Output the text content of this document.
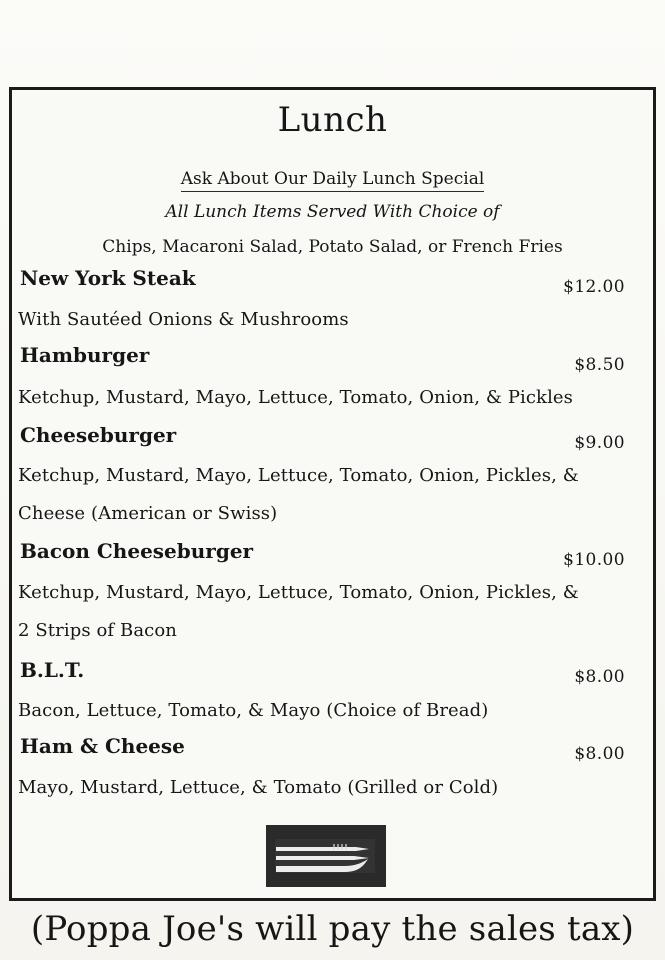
Lunch

Ask About Our Daily Lunch Special

All Lunch Items Served With Choice of

Chips, Macaroni Salad, Potato Salad, or French Fries

New York Steak	$12.00

With Sautéed Onions & Mushrooms

Hamburger	$8.50

Ketchup, Mustard, Mayo, Lettuce, Tomato, Onion, & Pickles

Cheeseburger	$9.00

Ketchup, Mustard, Mayo, Lettuce, Tomato, Onion, Pickles, &

Cheese (American or Swiss)

Bacon Cheeseburger	$10.00

Ketchup, Mustard, Mayo, Lettuce, Tomato, Onion, Pickles, &

2 Strips of Bacon

B.L.T.	$8.00

Bacon, Lettuce, Tomato, & Mayo (Choice of Bread)

Ham & Cheese	$8.00

Mayo, Mustard, Lettuce, & Tomato (Grilled or Cold)

(Poppa Joe's will pay the sales tax)
